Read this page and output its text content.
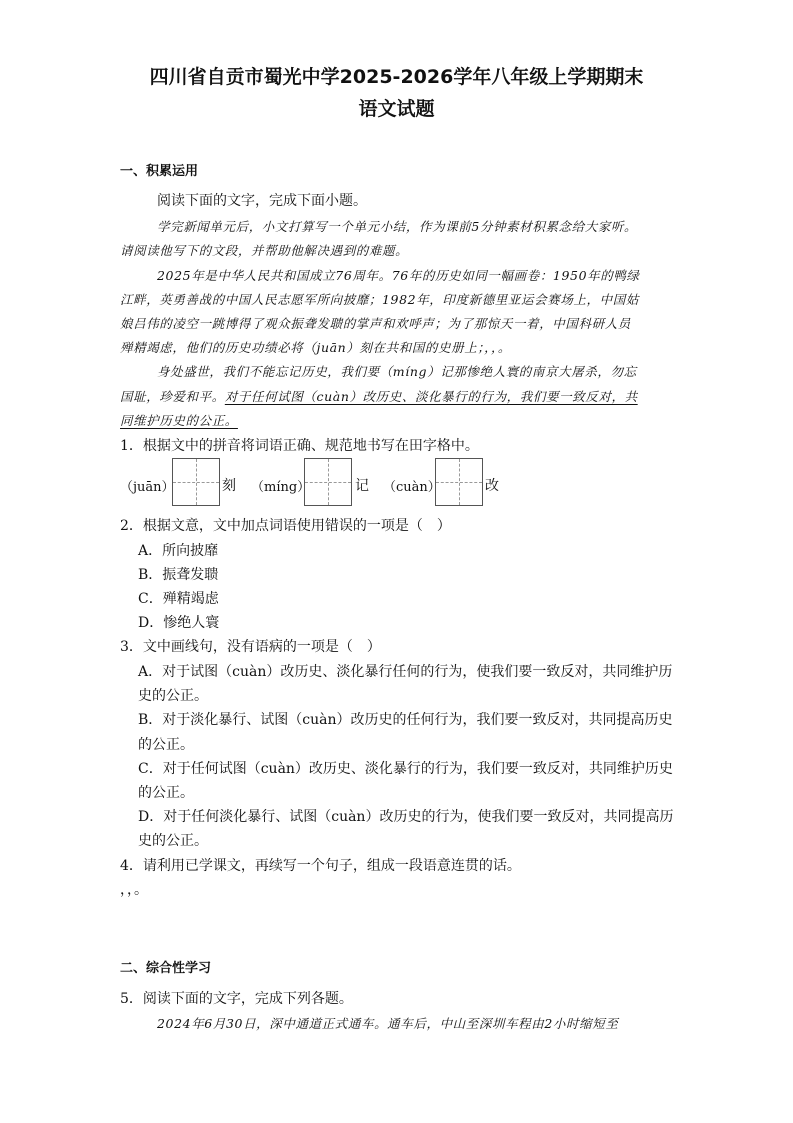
四川省自贡市蜀光中学2025-2026学年八年级上学期期末
语文试题
一、积累运用
阅读下面的文字，完成下面小题。
学完新闻单元后，小文打算写一个单元小结，作为课前5分钟素材积累念给大家听。
请阅读他写下的文段，并帮助他解决遇到的难题。
2025年是中华人民共和国成立76周年。76年的历史如同一幅画卷：1950年的鸭绿
江畔，英勇善战的中国人民志愿军所向披靡；1982年，印度新德里亚运会赛场上，中国姑
娘吕伟的凌空一跳博得了观众振聋发聩的掌声和欢呼声；为了那惊天一着，中国科研人员
殚精竭虑，他们的历史功绩必将（juān）刻在共和国的史册上；，，。
身处盛世，我们不能忘记历史，我们要（míng）记那惨绝人寰的南京大屠杀，勿忘
国耻，珍爱和平。对于任何试图（cuàn）改历史、淡化暴行的行为，我们要一致反对，共
同维护历史的公正。
1．根据文中的拼音将词语正确、规范地书写在田字格中。
（juān）	刻 （míng）	记 （cuàn）	改
2．根据文意，文中加点词语使用错误的一项是（　）
A．所向披靡
B．振聋发聩
C．殚精竭虑
D．惨绝人寰
3．文中画线句，没有语病的一项是（　）
A．对于试图（cuàn）改历史、淡化暴行任何的行为，使我们要一致反对，共同维护历
史的公正。
B．对于淡化暴行、试图（cuàn）改历史的任何行为，我们要一致反对，共同提高历史
的公正。
C．对于任何试图（cuàn）改历史、淡化暴行的行为，我们要一致反对，共同维护历史
的公正。
D．对于任何淡化暴行、试图（cuàn）改历史的行为，使我们要一致反对，共同提高历
史的公正。
4．请利用已学课文，再续写一个句子，组成一段语意连贯的话。
，，。
二、综合性学习
5．阅读下面的文字，完成下列各题。
2024年6月30日，深中通道正式通车。通车后，中山至深圳车程由2小时缩短至
